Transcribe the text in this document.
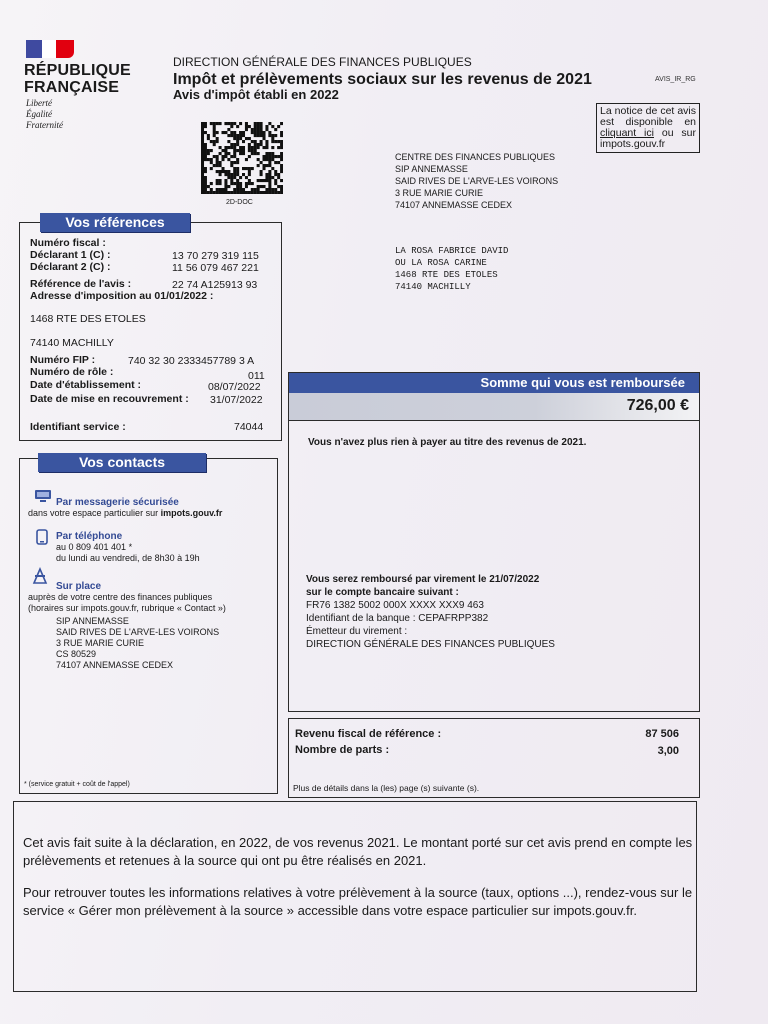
RÉPUBLIQUE
FRANÇAISE
Liberté
Égalité
Fraternité
DIRECTION GÉNÉRALE DES FINANCES PUBLIQUES
Impôt et prélèvements sociaux sur les revenus de 2021	AVIS_IR_RG
Avis d'impôt établi en 2022
La notice de cet avis est disponible en cliquant ici ou sur impots.gouv.fr
2D-DOC
CENTRE DES FINANCES PUBLIQUES
SIP ANNEMASSE
SAID RIVES DE L'ARVE-LES VOIRONS
3 RUE MARIE CURIE
74107 ANNEMASSE CEDEX
LA ROSA FABRICE DAVID
OU LA ROSA CARINE
1468 RTE DES ETOLES
74140 MACHILLY
Vos références
Numéro fiscal :
Déclarant 1 (C) :	13 70 279 319 115
Déclarant 2 (C) :	11 56 079 467 221
Référence de l'avis :	22 74 A125913 93
Adresse d'imposition au 01/01/2022 :
1468 RTE DES ETOLES
74140 MACHILLY
Numéro FIP :	740 32 30 2333457789 3 A
Numéro de rôle :	011
Date d'établissement :	08/07/2022
Date de mise en recouvrement : 31/07/2022
Identifiant service :	74044
Vos contacts
Par messagerie sécurisée
dans votre espace particulier sur impots.gouv.fr
Par téléphone
au 0 809 401 401 *
du lundi au vendredi, de 8h30 à 19h
Sur place
auprès de votre centre des finances publiques
(horaires sur impots.gouv.fr, rubrique « Contact »)
SIP ANNEMASSE
SAID RIVES DE L'ARVE-LES VOIRONS
3 RUE MARIE CURIE
CS 80529
74107 ANNEMASSE CEDEX
* (service gratuit + coût de l'appel)
Somme qui vous est remboursée
726,00 €
Vous n'avez plus rien à payer au titre des revenus de 2021.
Vous serez remboursé par virement le 21/07/2022
sur le compte bancaire suivant :
FR76 1382 5002 000X XXXX XXX9 463
Identifiant de la banque : CEPAFRPP382
Émetteur du virement :
DIRECTION GÉNÉRALE DES FINANCES PUBLIQUES
Revenu fiscal de référence :	87 506
Nombre de parts :	3,00
Plus de détails dans la (les) page (s) suivante (s).
Cet avis fait suite à la déclaration, en 2022, de vos revenus 2021. Le montant porté sur cet avis prend en compte les prélèvements et retenues à la source qui ont pu être réalisés en 2021.
Pour retrouver toutes les informations relatives à votre prélèvement à la source (taux, options ...), rendez-vous sur le service « Gérer mon prélèvement à la source » accessible dans votre espace particulier sur impots.gouv.fr.
